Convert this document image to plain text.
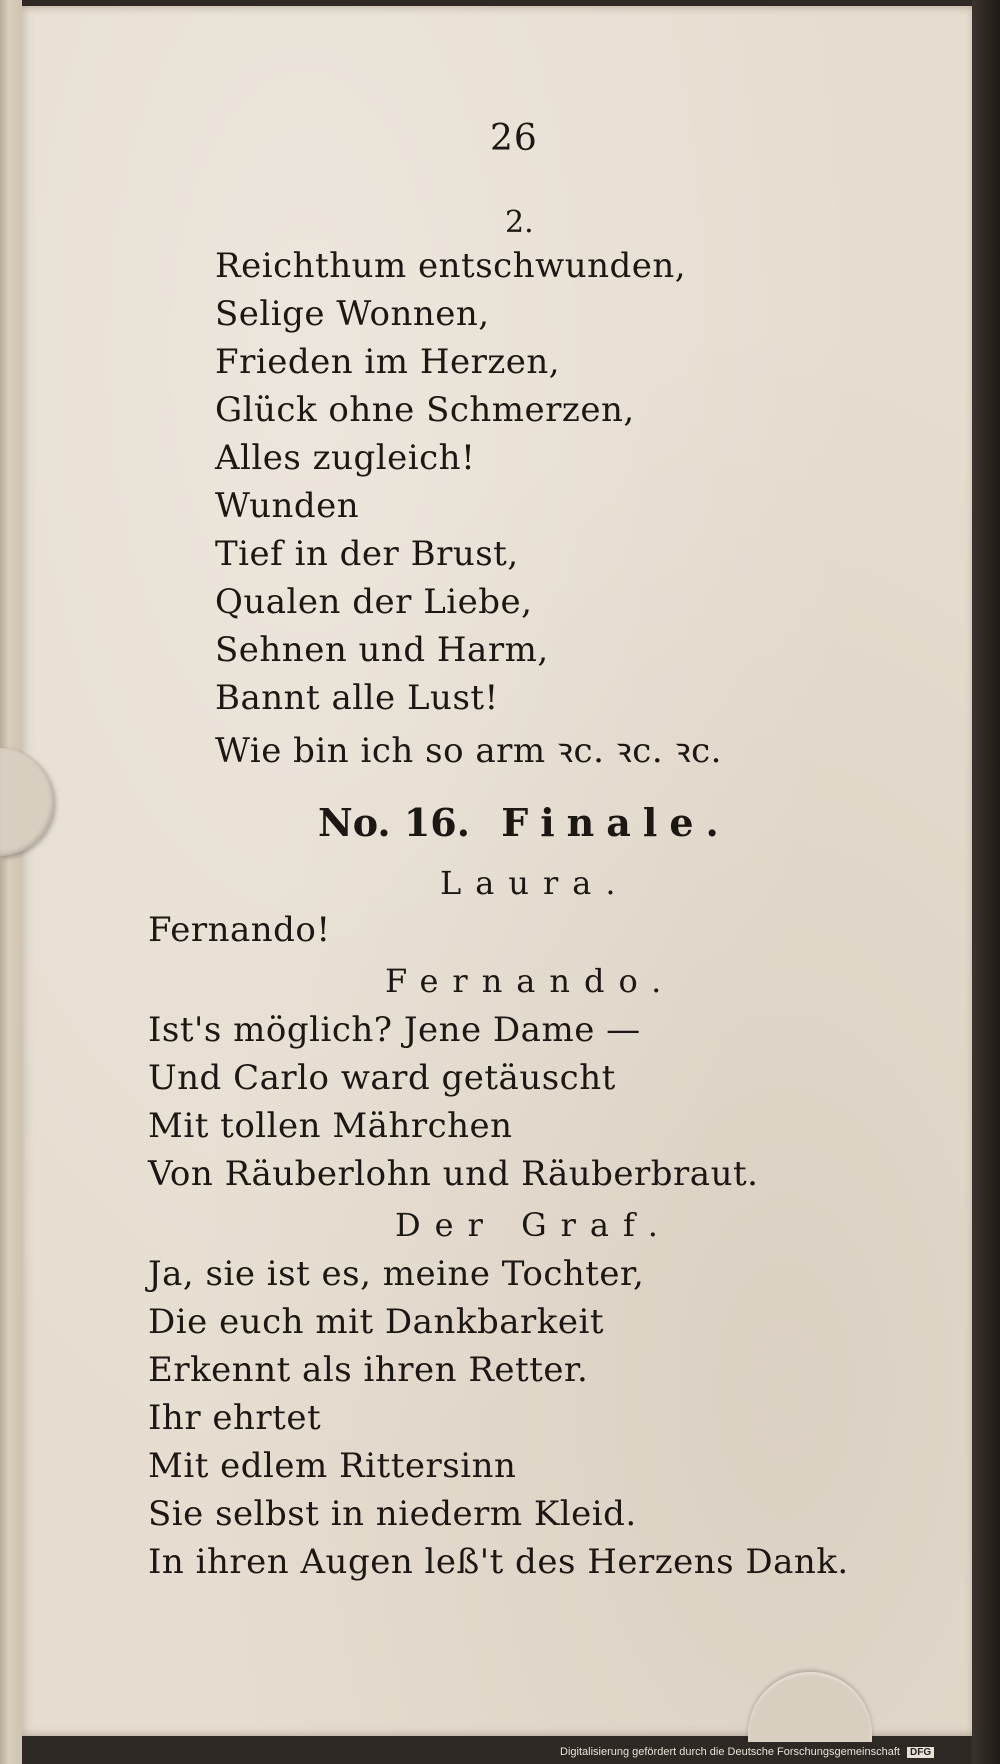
26
2.
Reichthum entschwunden,
Selige Wonnen,
Frieden im Herzen,
Glück ohne Schmerzen,
Alles zugleich!
Wunden
Tief in der Brust,
Qualen der Liebe,
Sehnen und Harm,
Bannt alle Lust!
Wie bin ich so arm ꝛc. ꝛc. ꝛc.
No. 16. Finale.
Laura.
Fernando!
Fernando.
Ist's möglich? Jene Dame —
Und Carlo ward getäuscht
Mit tollen Mährchen
Von Räuberlohn und Räuberbraut.
Der Graf.
Ja, sie ist es, meine Tochter,
Die euch mit Dankbarkeit
Erkennt als ihren Retter.
Ihr ehrtet
Mit edlem Rittersinn
Sie selbst in niederm Kleid.
In ihren Augen leß't des Herzens Dank.
Digitalisierung gefördert durch die Deutsche Forschungsgemeinschaft DFG
